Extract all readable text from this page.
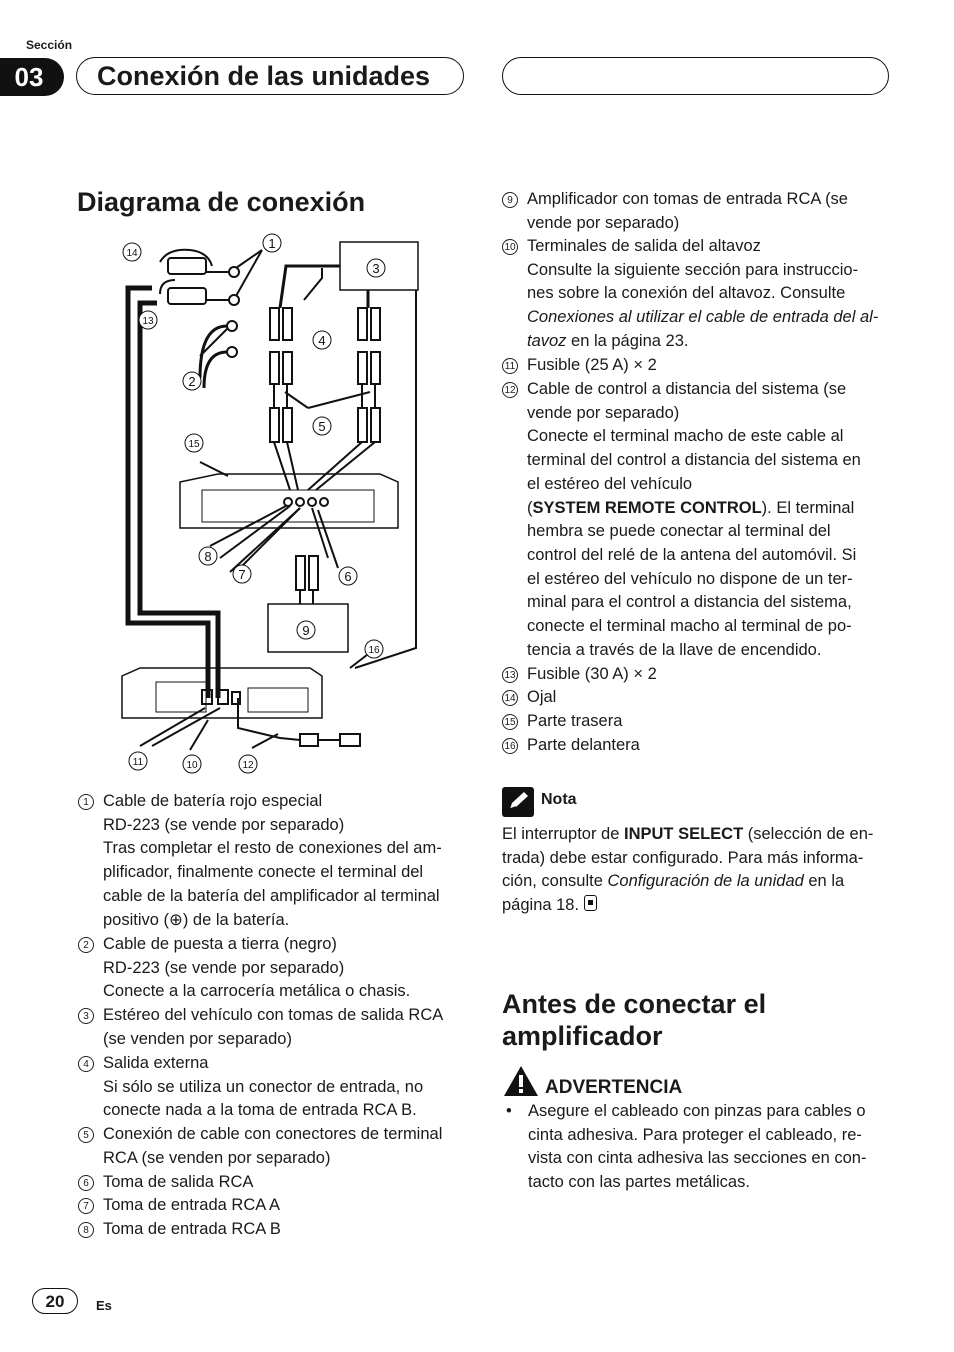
Sección
03	Conexión de las unidades
Diagrama de conexión
1
2
3
4
5
6
7
8
9
10
11	12
13
14
15
16
1 Cable de batería rojo especial
RD-223 (se vende por separado)
Tras completar el resto de conexiones del am-
plificador, finalmente conecte el terminal del
cable de la batería del amplificador al terminal
positivo (⊕) de la batería.
2 Cable de puesta a tierra (negro)
RD-223 (se vende por separado)
Conecte a la carrocería metálica o chasis.
3 Estéreo del vehículo con tomas de salida RCA
(se venden por separado)
4 Salida externa
Si sólo se utiliza un conector de entrada, no
conecte nada a la toma de entrada RCA B.
5 Conexión de cable con conectores de terminal
RCA (se venden por separado)
6 Toma de salida RCA
7 Toma de entrada RCA A
8 Toma de entrada RCA B
9 Amplificador con tomas de entrada RCA (se
vende por separado)
10 Terminales de salida del altavoz
Consulte la siguiente sección para instruccio-
nes sobre la conexión del altavoz. Consulte
Conexiones al utilizar el cable de entrada del al-
tavoz en la página 23.
11 Fusible (25 A) × 2
12 Cable de control a distancia del sistema (se
vende por separado)
Conecte el terminal macho de este cable al
terminal del control a distancia del sistema en
el estéreo del vehículo
(SYSTEM REMOTE CONTROL). El terminal
hembra se puede conectar al terminal del
control del relé de la antena del automóvil. Si
el estéreo del vehículo no dispone de un ter-
minal para el control a distancia del sistema,
conecte el terminal macho al terminal de po-
tencia a través de la llave de encendido.
13 Fusible (30 A) × 2
14 Ojal
15 Parte trasera
16 Parte delantera
Nota
El interruptor de INPUT SELECT (selección de en-
trada) debe estar configurado. Para más informa-
ción, consulte Configuración de la unidad en la
página 18.
Antes de conectar el
amplificador
ADVERTENCIA
• Asegure el cableado con pinzas para cables o
cinta adhesiva. Para proteger el cableado, re-
vista con cinta adhesiva las secciones en con-
tacto con las partes metálicas.
20	Es
